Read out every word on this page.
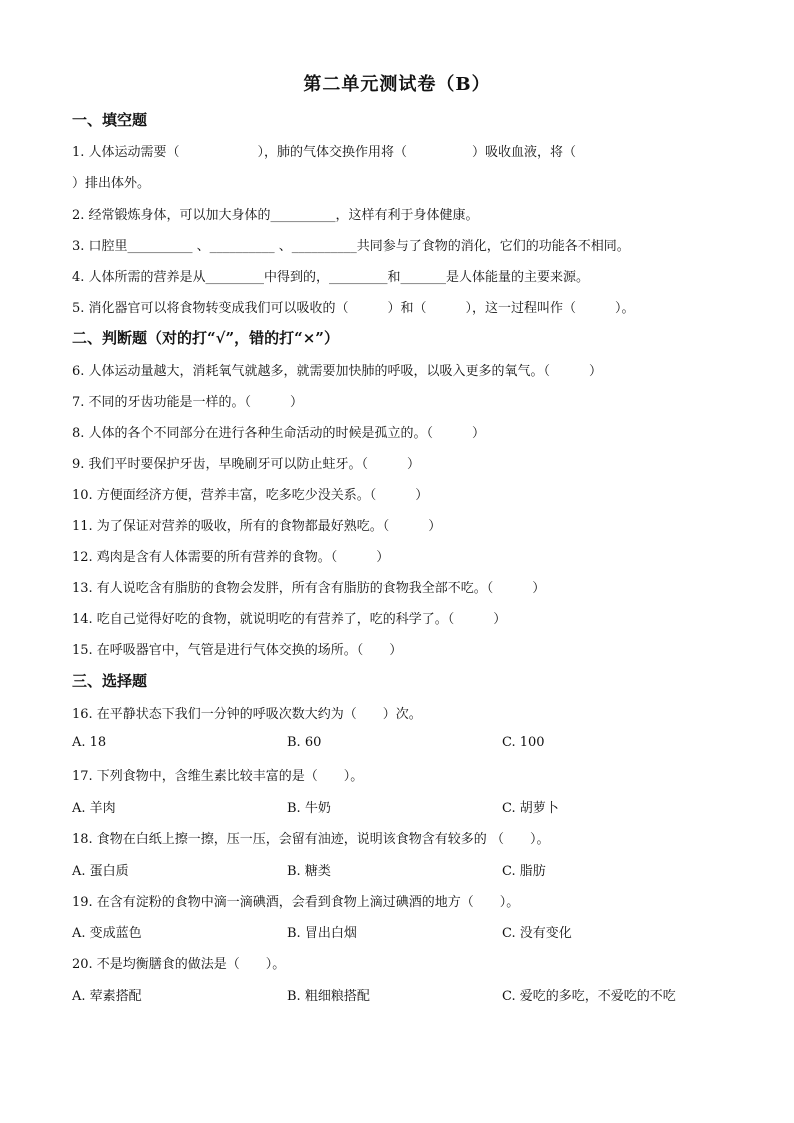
第二单元测试卷（B）
一、填空题
1. 人体运动需要（　　　　　　），肺的气体交换作用将（　　　　　）吸收血液，将（
）排出体外。
2. 经常锻炼身体，可以加大身体的__________，这样有利于身体健康。
3. 口腔里__________ 、__________ 、__________共同参与了食物的消化，它们的功能各不相同。
4. 人体所需的营养是从_________中得到的，_________和_______是人体能量的主要来源。
5. 消化器官可以将食物转变成我们可以吸收的（　　　）和（　　　），这一过程叫作（　　　）。
二、判断题（对的打“√”，错的打“×”）
6. 人体运动量越大，消耗氧气就越多，就需要加快肺的呼吸，以吸入更多的氧气。（　　　）
7. 不同的牙齿功能是一样的。（　　　）
8. 人体的各个不同部分在进行各种生命活动的时候是孤立的。（　　　）
9. 我们平时要保护牙齿，早晚刷牙可以防止蛀牙。（　　　）
10. 方便面经济方便，营养丰富，吃多吃少没关系。（　　　）
11. 为了保证对营养的吸收，所有的食物都最好熟吃。（　　　）
12. 鸡肉是含有人体需要的所有营养的食物。（　　　）
13. 有人说吃含有脂肪的食物会发胖，所有含有脂肪的食物我全部不吃。（　　　）
14. 吃自己觉得好吃的食物，就说明吃的有营养了，吃的科学了。（　　　）
15. 在呼吸器官中，气管是进行气体交换的场所。（　　）
三、选择题
16. 在平静状态下我们一分钟的呼吸次数大约为（　　）次。
A. 18	B. 60	C. 100
17. 下列食物中，含维生素比较丰富的是（　　）。
A. 羊肉	B. 牛奶	C. 胡萝卜
18. 食物在白纸上擦一擦，压一压，会留有油迹，说明该食物含有较多的 （　　）。
A. 蛋白质	B. 糖类	C. 脂肪
19. 在含有淀粉的食物中滴一滴碘酒，会看到食物上滴过碘酒的地方（　　）。
A. 变成蓝色	B. 冒出白烟	C. 没有变化
20. 不是均衡膳食的做法是（　　）。
A. 荤素搭配	B. 粗细粮搭配	C. 爱吃的多吃，不爱吃的不吃
